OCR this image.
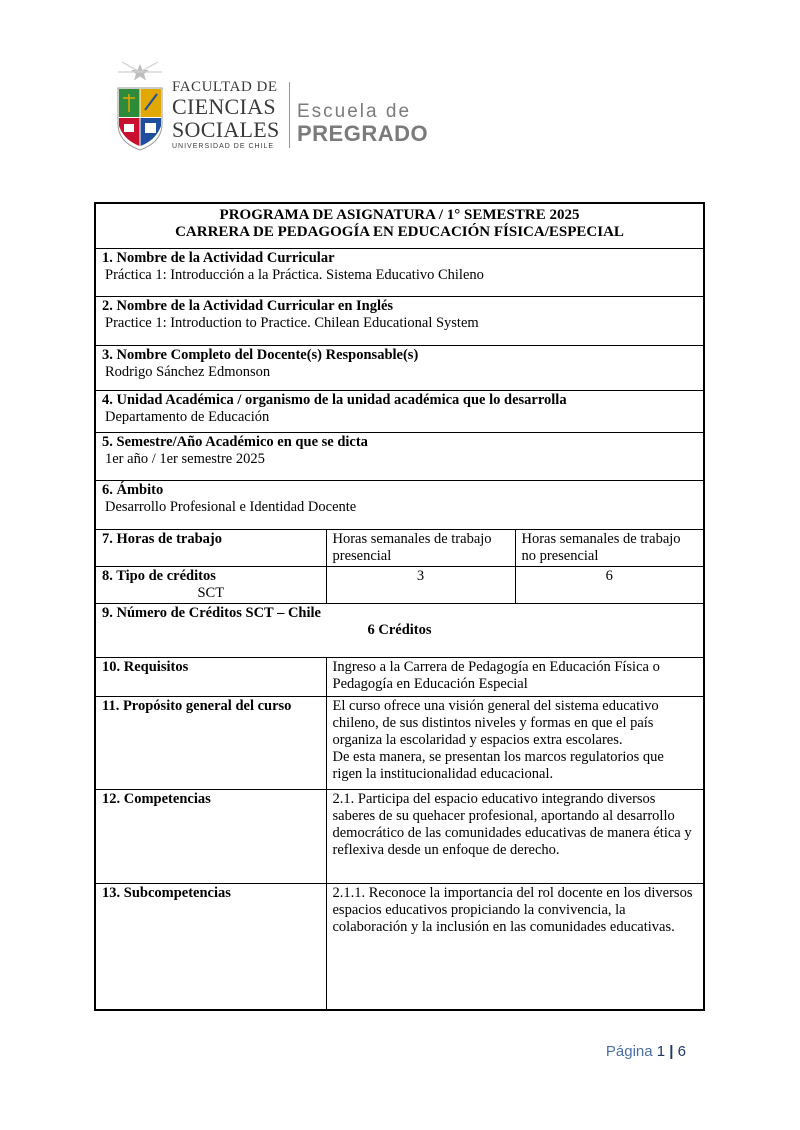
FACULTAD DE
CIENCIAS
SOCIALES
UNIVERSIDAD DE CHILE
Escuela de
PREGRADO
PROGRAMA DE ASIGNATURA / 1° SEMESTRE 2025
CARRERA DE PEDAGOGÍA EN EDUCACIÓN FÍSICA/ESPECIAL		

1. Nombre de la Actividad Curricular
Práctica 1: Introducción a la Práctica. Sistema Educativo Chileno		

2. Nombre de la Actividad Curricular en Inglés
Practice 1: Introduction to Practice. Chilean Educational System		

3. Nombre Completo del Docente(s) Responsable(s)
Rodrigo Sánchez Edmonson		

4. Unidad Académica / organismo de la unidad académica que lo desarrolla
Departamento de Educación		

5. Semestre/Año Académico en que se dicta
1er año / 1er semestre 2025		

6. Ámbito
Desarrollo Profesional e Identidad Docente		

7. Horas de trabajo	Horas semanales de trabajo presencial	Horas semanales de trabajo no presencial

8. Tipo de créditos
SCT	3	6

9. Número de Créditos SCT – Chile
6 Créditos		

10. Requisitos	Ingreso a la Carrera de Pedagogía en Educación Física o Pedagogía en Educación Especial	
11. Propósito general del curso	El curso ofrece una visión general del sistema educativo chileno, de sus distintos niveles y formas en que el país organiza la escolaridad y espacios extra escolares.
De esta manera, se presentan los marcos regulatorios que rigen la institucionalidad educacional.	

12. Competencias	2.1. Participa del espacio educativo integrando diversos saberes de su quehacer profesional, aportando al desarrollo democrático de las comunidades educativas de manera ética y reflexiva desde un enfoque de derecho.	
13. Subcompetencias	2.1.1. Reconoce la importancia del rol docente en los diversos espacios educativos propiciando la convivencia, la colaboración y la inclusión en las comunidades educativas.	
Página 1 | 6
